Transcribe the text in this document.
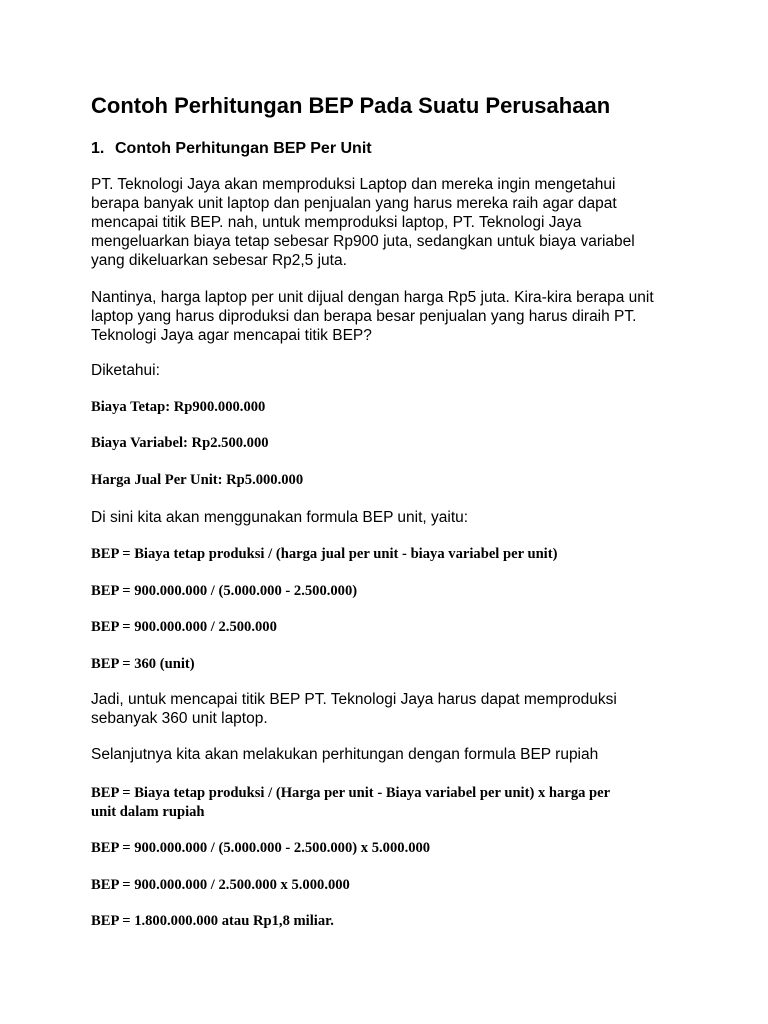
Contoh Perhitungan BEP Pada Suatu Perusahaan
1. Contoh Perhitungan BEP Per Unit

PT. Teknologi Jaya akan memproduksi Laptop dan mereka ingin mengetahui
berapa banyak unit laptop dan penjualan yang harus mereka raih agar dapat
mencapai titik BEP. nah, untuk memproduksi laptop, PT. Teknologi Jaya
mengeluarkan biaya tetap sebesar Rp900 juta, sedangkan untuk biaya variabel
yang dikeluarkan sebesar Rp2,5 juta.

Nantinya, harga laptop per unit dijual dengan harga Rp5 juta. Kira-kira berapa unit
laptop yang harus diproduksi dan berapa besar penjualan yang harus diraih PT.
Teknologi Jaya agar mencapai titik BEP?

Diketahui:

Biaya Tetap: Rp900.000.000

Biaya Variabel: Rp2.500.000

Harga Jual Per Unit: Rp5.000.000

Di sini kita akan menggunakan formula BEP unit, yaitu:

BEP = Biaya tetap produksi / (harga jual per unit - biaya variabel per unit)

BEP = 900.000.000 / (5.000.000 - 2.500.000)

BEP = 900.000.000 / 2.500.000

BEP = 360 (unit)

Jadi, untuk mencapai titik BEP PT. Teknologi Jaya harus dapat memproduksi
sebanyak 360 unit laptop.

Selanjutnya kita akan melakukan perhitungan dengan formula BEP rupiah

BEP = Biaya tetap produksi / (Harga per unit - Biaya variabel per unit) x harga per
unit dalam rupiah

BEP = 900.000.000 / (5.000.000 - 2.500.000) x 5.000.000

BEP = 900.000.000 / 2.500.000 x 5.000.000

BEP = 1.800.000.000 atau Rp1,8 miliar.
